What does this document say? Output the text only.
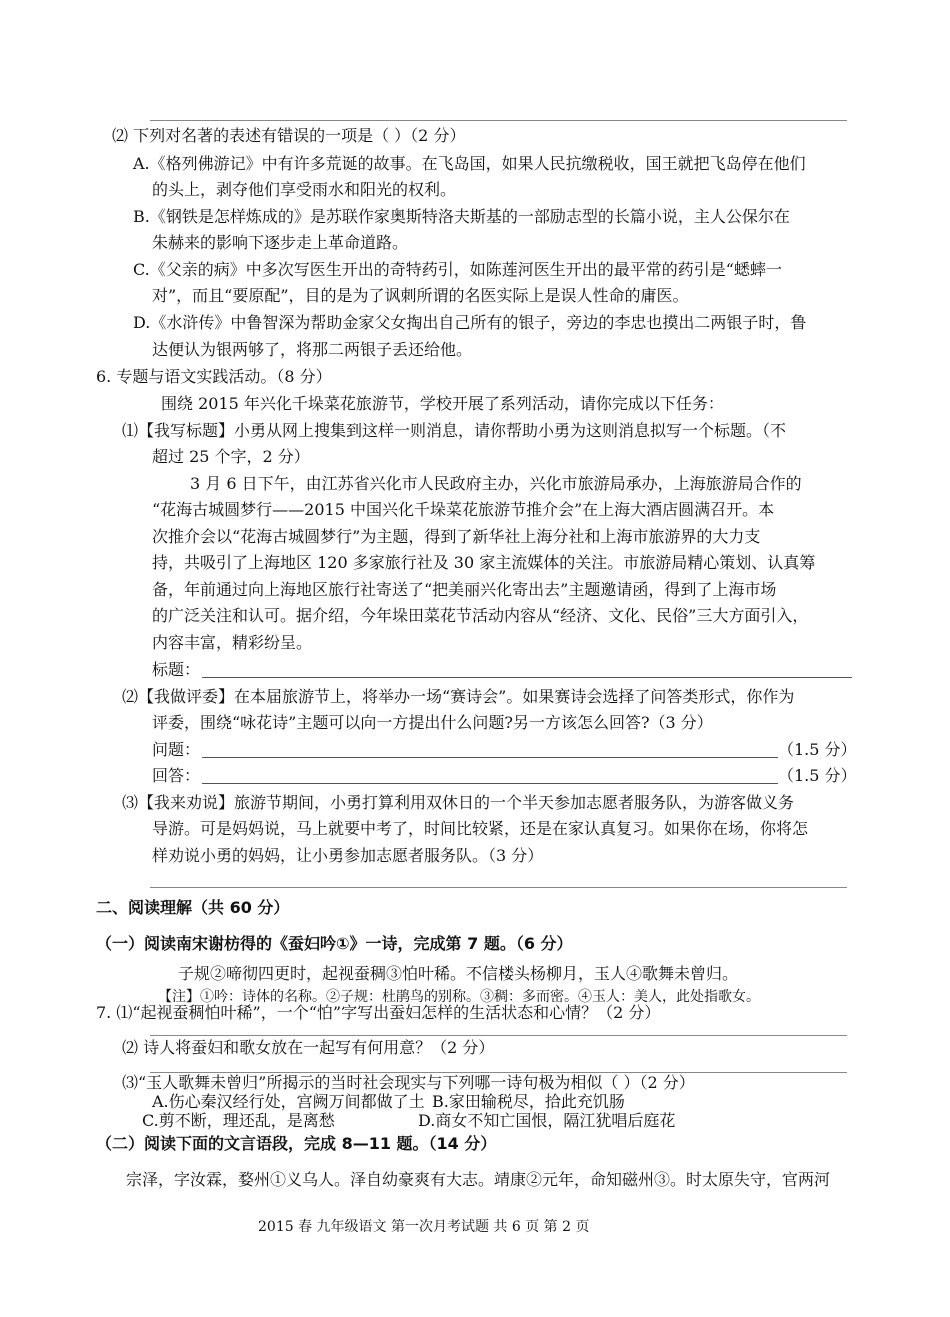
⑵ 下列对名著的表述有错误的一项是（ ）（2 分）
A.《格列佛游记》中有许多荒诞的故事。在飞岛国，如果人民抗缴税收，国王就把飞岛停在他们
的头上，剥夺他们享受雨水和阳光的权利。
B.《钢铁是怎样炼成的》是苏联作家奥斯特洛夫斯基的一部励志型的长篇小说，主人公保尔在
朱赫来的影响下逐步走上革命道路。
C.《父亲的病》中多次写医生开出的奇特药引，如陈莲河医生开出的最平常的药引是“蟋蟀一
对”，而且“要原配”，目的是为了讽刺所谓的名医实际上是误人性命的庸医。
D.《水浒传》中鲁智深为帮助金家父女掏出自己所有的银子，旁边的李忠也摸出二两银子时，鲁
达便认为银两够了，将那二两银子丢还给他。
6. 专题与语文实践活动。（8 分）
围绕 2015 年兴化千垛菜花旅游节，学校开展了系列活动，请你完成以下任务：
⑴【我写标题】小勇从网上搜集到这样一则消息，请你帮助小勇为这则消息拟写一个标题。（不
超过 25 个字，2 分）
3 月 6 日下午，由江苏省兴化市人民政府主办，兴化市旅游局承办，上海旅游局合作的
“花海古城圆梦行——2015 中国兴化千垛菜花旅游节推介会”在上海大酒店圆满召开。本
次推介会以“花海古城圆梦行”为主题，得到了新华社上海分社和上海市旅游界的大力支
持，共吸引了上海地区 120 多家旅行社及 30 家主流媒体的关注。市旅游局精心策划、认真筹
备，年前通过向上海地区旅行社寄送了“把美丽兴化寄出去”主题邀请函，得到了上海市场
的广泛关注和认可。据介绍，今年垛田菜花节活动内容从“经济、文化、民俗”三大方面引入，
内容丰富，精彩纷呈。
标题：
⑵【我做评委】在本届旅游节上，将举办一场“赛诗会”。如果赛诗会选择了问答类形式，你作为
评委，围绕“咏花诗”主题可以向一方提出什么问题?另一方该怎么回答?（3 分）
问题：	（1.5 分）
回答：	（1.5 分）
⑶【我来劝说】旅游节期间，小勇打算利用双休日的一个半天参加志愿者服务队，为游客做义务
导游。可是妈妈说，马上就要中考了，时间比较紧，还是在家认真复习。如果你在场，你将怎
样劝说小勇的妈妈，让小勇参加志愿者服务队。（3 分）
二、阅读理解（共 60 分）
（一）阅读南宋谢枋得的《蚕妇吟①》一诗，完成第 7 题。（6 分）
子规②啼彻四更时，起视蚕稠③怕叶稀。不信楼头杨柳月，玉人④歌舞未曾归。
【注】①吟：诗体的名称。②子规：杜鹃鸟的别称。③稠：多而密。④玉人：美人，此处指歌女。
7. ⑴“起视蚕稠怕叶稀”，一个“怕”字写出蚕妇怎样的生活状态和心情？（2 分）
⑵ 诗人将蚕妇和歌女放在一起写有何用意？（2 分）
⑶“玉人歌舞未曾归”所揭示的当时社会现实与下列哪一诗句极为相似（ ）（2 分）
A.伤心秦汉经行处，宫阙万间都做了土 B.家田输税尽，拾此充饥肠
C.剪不断，理还乱，是离愁	D.商女不知亡国恨，隔江犹唱后庭花
（二）阅读下面的文言语段，完成 8—11 题。（14 分）
宗泽，字汝霖，婺州①义乌人。泽自幼豪爽有大志。靖康②元年，命知磁州③。时太原失守，官两河
2015 春 九年级语文 第一次月考试题 共 6 页 第 2 页
